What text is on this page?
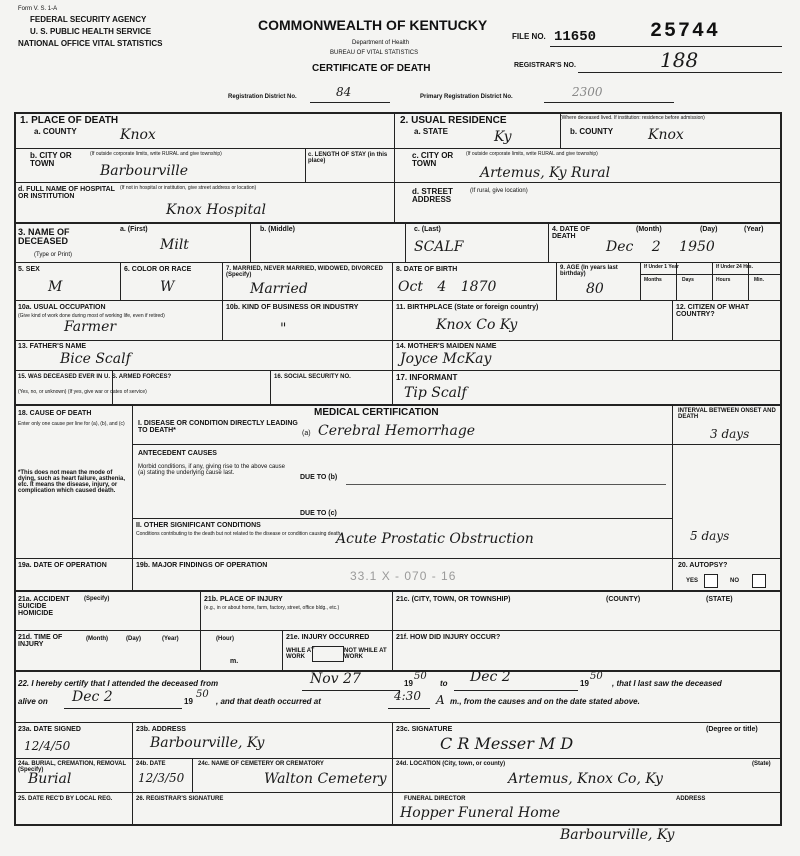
Form V. S. 1-A
FEDERAL SECURITY AGENCY
U. S. PUBLIC HEALTH SERVICE
NATIONAL OFFICE VITAL STATISTICS
COMMONWEALTH OF KENTUCKY
Department of Health
BUREAU OF VITAL STATISTICS
CERTIFICATE OF DEATH
FILE NO. 11650	25744
REGISTRAR'S NO.	188
Registration District No.	84	Primary Registration District No.	2300
1. PLACE OF DEATH
a. COUNTY	Knox
b. CITY OR TOWN
(If outside corporate limits, write RURAL and give township)
Barbourville
c. LENGTH OF STAY (in this place)
d. FULL NAME OF HOSPITAL OR INSTITUTION
(If not in hospital or institution, give street address or location)
Knox Hospital
2. USUAL RESIDENCE	(Where deceased lived. If institution: residence before admission)
a. STATE	Ky	b. COUNTY Knox
c. CITY OR TOWN
(If outside corporate limits, write RURAL and give township)
Artemus, Ky Rural
d. STREET ADDRESS
(If rural, give location)
3. NAME OF DECEASED
(Type or Print)
a. (First)
Milt
b. (Middle)	c. (Last)
SCALF
4. DATE OF DEATH
(Month)	(Day)	(Year)
Dec 2 1950
5. SEX
M
6. COLOR OR RACE
W
7. MARRIED, NEVER MARRIED, WIDOWED, DIVORCED (Specify)
Married
8. DATE OF BIRTH
Oct 4 1870
9. AGE (In years last birthday)
80
If Under 1 Year	If Under 24 Hrs.
Months	Days	Hours	Min.
10a. USUAL OCCUPATION
(Give kind of work done during most of working life, even if retired)
Farmer
10b. KIND OF BUSINESS OR INDUSTRY
"
11. BIRTHPLACE (State or foreign country)
Knox Co Ky
12. CITIZEN OF WHAT COUNTRY?
13. FATHER'S NAME
Bice Scalf
14. MOTHER'S MAIDEN NAME
Joyce McKay
15. WAS DECEASED EVER IN U. S. ARMED FORCES?
(Yes, no, or unknown) (If yes, give war or dates of service)
16. SOCIAL SECURITY NO.	17. INFORMANT
Tip Scalf
MEDICAL CERTIFICATION
18. CAUSE OF DEATH
Enter only one cause per line for (a), (b), and (c)	I. DISEASE OR CONDITION DIRECTLY LEADING TO DEATH*	(a) Cerebral Hemorrhage
INTERVAL BETWEEN ONSET AND DEATH
3 days
ANTECEDENT CAUSES
Morbid conditions, if any, giving rise to the above cause (a) stating the underlying cause last.
DUE TO (b)
DUE TO (c)
*This does not mean the mode of dying, such as heart failure, asthenia, etc. It means the disease, injury, or complication which caused death.
II. OTHER SIGNIFICANT CONDITIONS
Conditions contributing to the death but not related to the disease or condition causing death.
Acute Prostatic Obstruction	5 days
19a. DATE OF OPERATION	19b. MAJOR FINDINGS OF OPERATION
33.1 X - 070 - 16
20. AUTOPSY?
YES	NO
21a. ACCIDENT SUICIDE HOMICIDE
(Specify)	21b. PLACE OF INJURY
(e.g., in or about home, farm, factory, street, office bldg., etc.)
21c. (CITY, TOWN, OR TOWNSHIP)	(COUNTY)	(STATE)
21d. TIME OF INJURY
(Month)	(Day)	(Year)	(Hour)
m.
21e. INJURY OCCURRED
WHILE AT WORK
NOT WHILE AT WORK
21f. HOW DID INJURY OCCUR?
22. I hereby certify that I attended the deceased from	Nov 27	19
50
to Dec 2	19
50
, that I last saw the deceased
alive on Dec 2	19
50
, and that death occurred at	4:30 A m., from the causes and on the date stated above.
23a. DATE SIGNED
12/4/50
23b. ADDRESS
Barbourville, Ky
23c. SIGNATURE	(Degree or title)
C R Messer M D
24a. BURIAL, CREMATION, REMOVAL (Specify)
Burial
24b. DATE
12/3/50
24c. NAME OF CEMETERY OR CREMATORY
Walton Cemetery
24d. LOCATION (City, town, or county)	(State)
Artemus, Knox Co, Ky
25. DATE REC'D BY LOCAL REG.	26. REGISTRAR'S SIGNATURE	FUNERAL DIRECTOR	ADDRESS
Hopper Funeral Home
Barbourville, Ky
